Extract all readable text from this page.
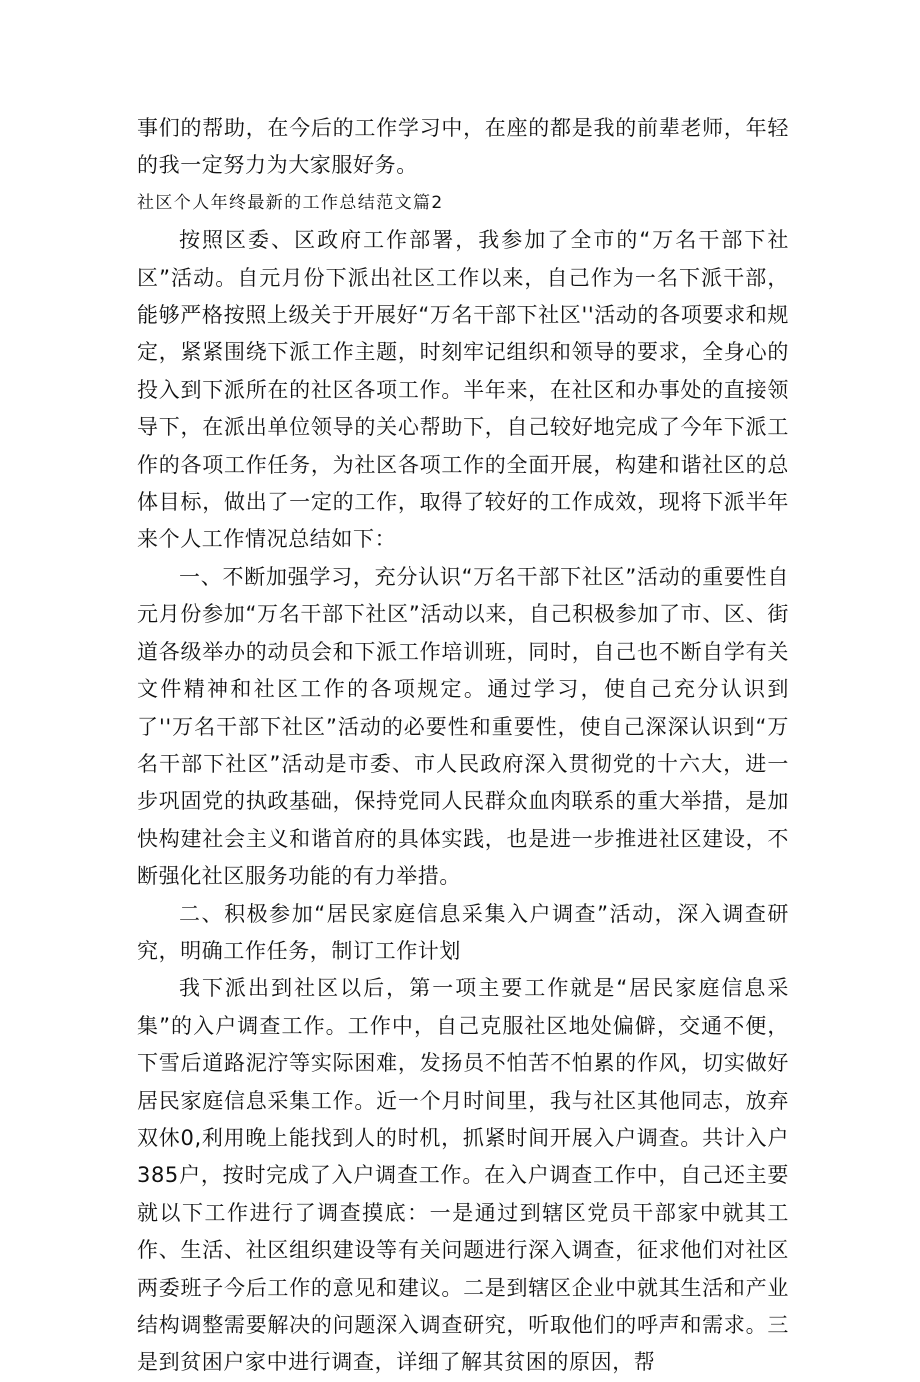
事们的帮助，在今后的工作学习中，在座的都是我的前辈老师，年轻的我一定努力为大家服好务。

社区个人年终最新的工作总结范文篇2

按照区委、区政府工作部署，我参加了全市的“万名干部下社区”活动。自元月份下派出社区工作以来，自己作为一名下派干部，能够严格按照上级关于开展好“万名干部下社区''活动的各项要求和规定，紧紧围绕下派工作主题，时刻牢记组织和领导的要求，全身心的投入到下派所在的社区各项工作。半年来，在社区和办事处的直接领导下，在派出单位领导的关心帮助下，自己较好地完成了今年下派工作的各项工作任务，为社区各项工作的全面开展，构建和谐社区的总体目标，做出了一定的工作，取得了较好的工作成效，现将下派半年来个人工作情况总结如下：

一、不断加强学习，充分认识“万名干部下社区”活动的重要性自元月份参加“万名干部下社区”活动以来，自己积极参加了市、区、街道各级举办的动员会和下派工作培训班，同时，自己也不断自学有关文件精神和社区工作的各项规定。通过学习，使自己充分认识到了''万名干部下社区”活动的必要性和重要性，使自己深深认识到“万名干部下社区”活动是市委、市人民政府深入贯彻党的十六大，进一步巩固党的执政基础，保持党同人民群众血肉联系的重大举措，是加快构建社会主义和谐首府的具体实践，也是进一步推进社区建设，不断强化社区服务功能的有力举措。

二、积极参加“居民家庭信息采集入户调查”活动，深入调查研究，明确工作任务，制订工作计划

我下派出到社区以后，第一项主要工作就是“居民家庭信息采集”的入户调查工作。工作中，自己克服社区地处偏僻，交通不便，下雪后道路泥泞等实际困难，发扬员不怕苦不怕累的作风，切实做好居民家庭信息采集工作。近一个月时间里，我与社区其他同志，放弃双休0,利用晚上能找到人的时机，抓紧时间开展入户调查。共计入户385户，按时完成了入户调查工作。在入户调查工作中，自己还主要就以下工作进行了调查摸底：一是通过到辖区党员干部家中就其工作、生活、社区组织建设等有关问题进行深入调查，征求他们对社区两委班子今后工作的意见和建议。二是到辖区企业中就其生活和产业结构调整需要解决的问题深入调查研究，听取他们的呼声和需求。三是到贫困户家中进行调查，详细了解其贫困的原因，帮
